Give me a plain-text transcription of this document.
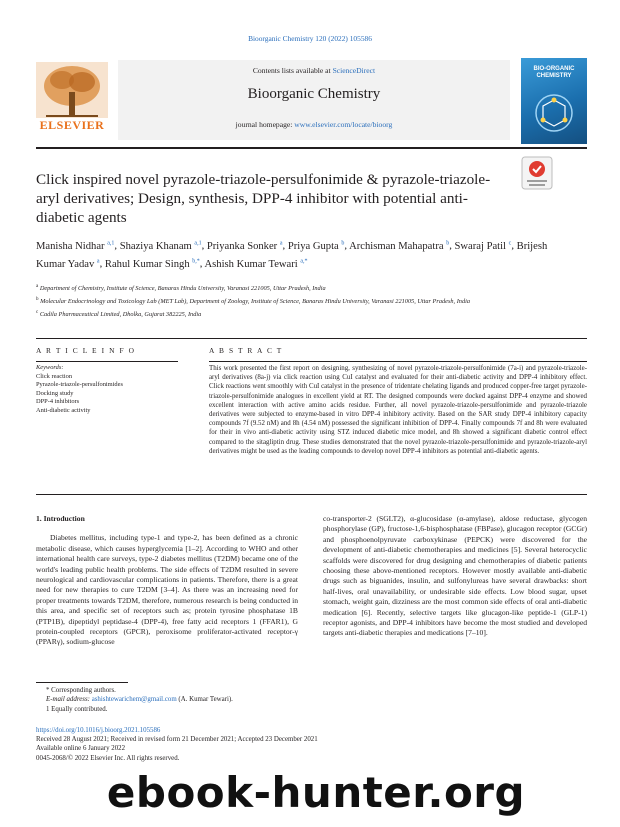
Bioorganic Chemistry 120 (2022) 105586
ELSEVIER
Contents lists available at ScienceDirect
Bioorganic Chemistry
journal homepage: www.elsevier.com/locate/bioorg
BIO-ORGANIC CHEMISTRY
Click inspired novel pyrazole-triazole-persulfonimide & pyrazole-triazole-aryl derivatives; Design, synthesis, DPP-4 inhibitor with potential anti-diabetic agents
Manisha Nidhar $^{a,1}$, Shaziya Khanam $^{a,1}$, Priyanka Sonker $^a$, Priya Gupta $^b$, Archisman Mahapatra $^b$, Swaraj Patil $^c$, Brijesh Kumar Yadav $^a$, Rahul Kumar Singh $^{b,*}$, Ashish Kumar Tewari $^{a,*}$
$^a$ Department of Chemistry, Institute of Science, Banaras Hindu University, Varanasi 221005, Uttar Pradesh, India
$^b$ Molecular Endocrinology and Toxicology Lab (MET Lab), Department of Zoology, Institute of Science, Banaras Hindu University, Varanasi 221005, Uttar Pradesh, India
$^c$ Cadila Pharmaceutical Limited, Dholka, Gujarat 382225, India
A R T I C L E I N F O	A B S T R A C T
Keywords:
Click reaction
Pyrazole-triazole-persulfonimides
Docking study
DPP-4 inhibitors
Anti-diabetic activity
This work presented the first report on designing, synthesizing of novel pyrazole-triazole-persulfonimide (7a-i) and pyrazole-triazole-aryl derivatives (8a-j) via click reaction using CuI catalyst and evaluated for their anti-diabetic activity and DPP-4 inhibitory effect. Click reactions went smoothly with CuI catalyst in the presence of tridentate chelating ligands and produced copper-free target pyrazole-triazole-persulfonimide analogues in excellent yield at RT. The designed compounds were docked against DPP-4 enzyme and showed excellent interaction with active amino acids residue. Further, all novel pyrazole-triazole-persulfonimide and pyrazole-triazole derivatives were subjected to enzyme-based in vitro DPP-4 inhibitory activity. Based on the SAR study DPP-4 inhibitory capacity compounds 7f (9.52 nM) and 8h (4.54 nM) possessed the significant inhibition of DPP-4. Finally compounds 7f and 8h were evaluated for their in vivo anti-diabetic activity using STZ induced diabetic mice model, and 8h showed a significant diabetic control effect compared to the sitagliptin drug. These studies demonstrated that the novel pyrazole-triazole-persulfonimide and pyrazole-triazole-aryl derivatives might be used as the leading compounds to develop novel DPP-4 inhibitors as potential anti-diabetic agents.
1. Introduction
Diabetes mellitus, including type-1 and type-2, has been defined as a chronic metabolic disease, which causes hyperglycemia [1–2]. According to WHO and other international health care surveys, type-2 diabetes mellitus (T2DM) became one of the world's leading public health problems. The side effects of T2DM resulted in severe neurological and cardiovascular complications in patients. Therefore, there is a great need for new therapies to cure T2DM [3–4]. As there was an increasing need for proper treatments towards T2DM, therefore, numerous research is being conducted in this area, and specific set of receptors such as; protein tyrosine phosphatase 1B (PTP1B), dipeptidyl peptidase-4 (DPP-4), free fatty acid receptors 1 (FFAR1), G protein-coupled receptors (GPCR), peroxisome proliferator-activated receptor-γ (PPARγ), sodium-glucose
co-transporter-2 (SGLT2), α-glucosidase (α-amylase), aldose reductase, glycogen phosphorylase (GP), fructose-1,6-bisphosphatase (FBPase), glucagon receptor (GCGr) and phosphoenolpyruvate carboxykinase (PEPCK) were discovered for the development of anti-diabetic chemotherapies and medicines [5]. Several heterocyclic scaffolds were discovered for drug designing and chemotherapies of diabetic patients choosing these above-mentioned receptors. However mostly available anti-diabetic drugs such as biguanides, insulin, and sulfonylureas have several drawbacks: short half-lives, oral unavailability, or undesirable side effects. Low blood sugar, upset stomach, weight gain, dizziness are the most common side effects of oral anti-diabetic medication [6]. Recently, selective targets like glucagon-like peptide-1 (GLP-1) receptor agonists, and DPP-4 inhibitors have become the most studied and developed targets anti-diabetic therapies and medications [7–10].
* Corresponding authors.
E-mail address: ashishtewarichem@gmail.com (A. Kumar Tewari).
1 Equally contributed.
https://doi.org/10.1016/j.bioorg.2021.105586
Received 28 August 2021; Received in revised form 21 December 2021; Accepted 23 December 2021
Available online 6 January 2022
0045-2068/© 2022 Elsevier Inc. All rights reserved.
ebook-hunter.org
